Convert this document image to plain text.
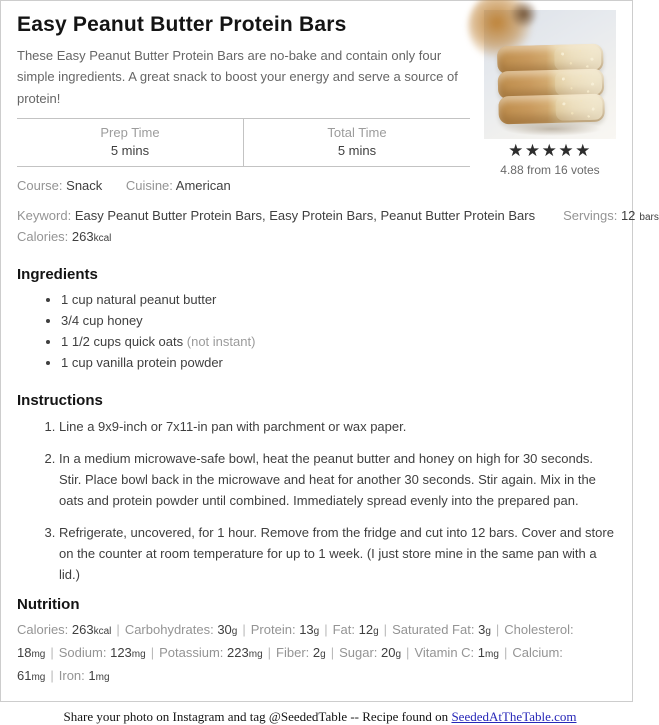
Easy Peanut Butter Protein Bars

These Easy Peanut Butter Protein Bars are no-bake and contain only four simple ingredients. A great snack to boost your energy and serve a source of protein!

Prep Time
5 mins
Total Time
5 mins
Course: Snack Cuisine: American
★★★★★
4.88 from 16 votes
Keyword: Easy Peanut Butter Protein Bars, Easy Protein Bars, Peanut Butter Protein Bars Servings: 12 bars
Calories: 263kcal
Ingredients
• 1 cup natural peanut butter
• 3/4 cup honey
• 1 1/2 cups quick oats (not instant)
• 1 cup vanilla protein powder
Instructions
1. Line a 9x9-inch or 7x11-in pan with parchment or wax paper.
2. In a medium microwave-safe bowl, heat the peanut butter and honey on high for 30 seconds. Stir. Place bowl back in the microwave and heat for another 30 seconds. Stir again. Mix in the oats and protein powder until combined. Immediately spread evenly into the prepared pan.
3. Refrigerate, uncovered, for 1 hour. Remove from the fridge and cut into 12 bars. Cover and store on the counter at room temperature for up to 1 week. (I just store mine in the same pan with a lid.)
Nutrition

Calories: 263kcal | Carbohydrates: 30g | Protein: 13g | Fat: 12g | Saturated Fat: 3g | Cholesterol: 18mg | Sodium: 123mg | Potassium: 223mg | Fiber: 2g | Sugar: 20g | Vitamin C: 1mg | Calcium: 61mg | Iron: 1mg

Share your photo on Instagram and tag @SeededTable -- Recipe found on SeededAtTheTable.com
